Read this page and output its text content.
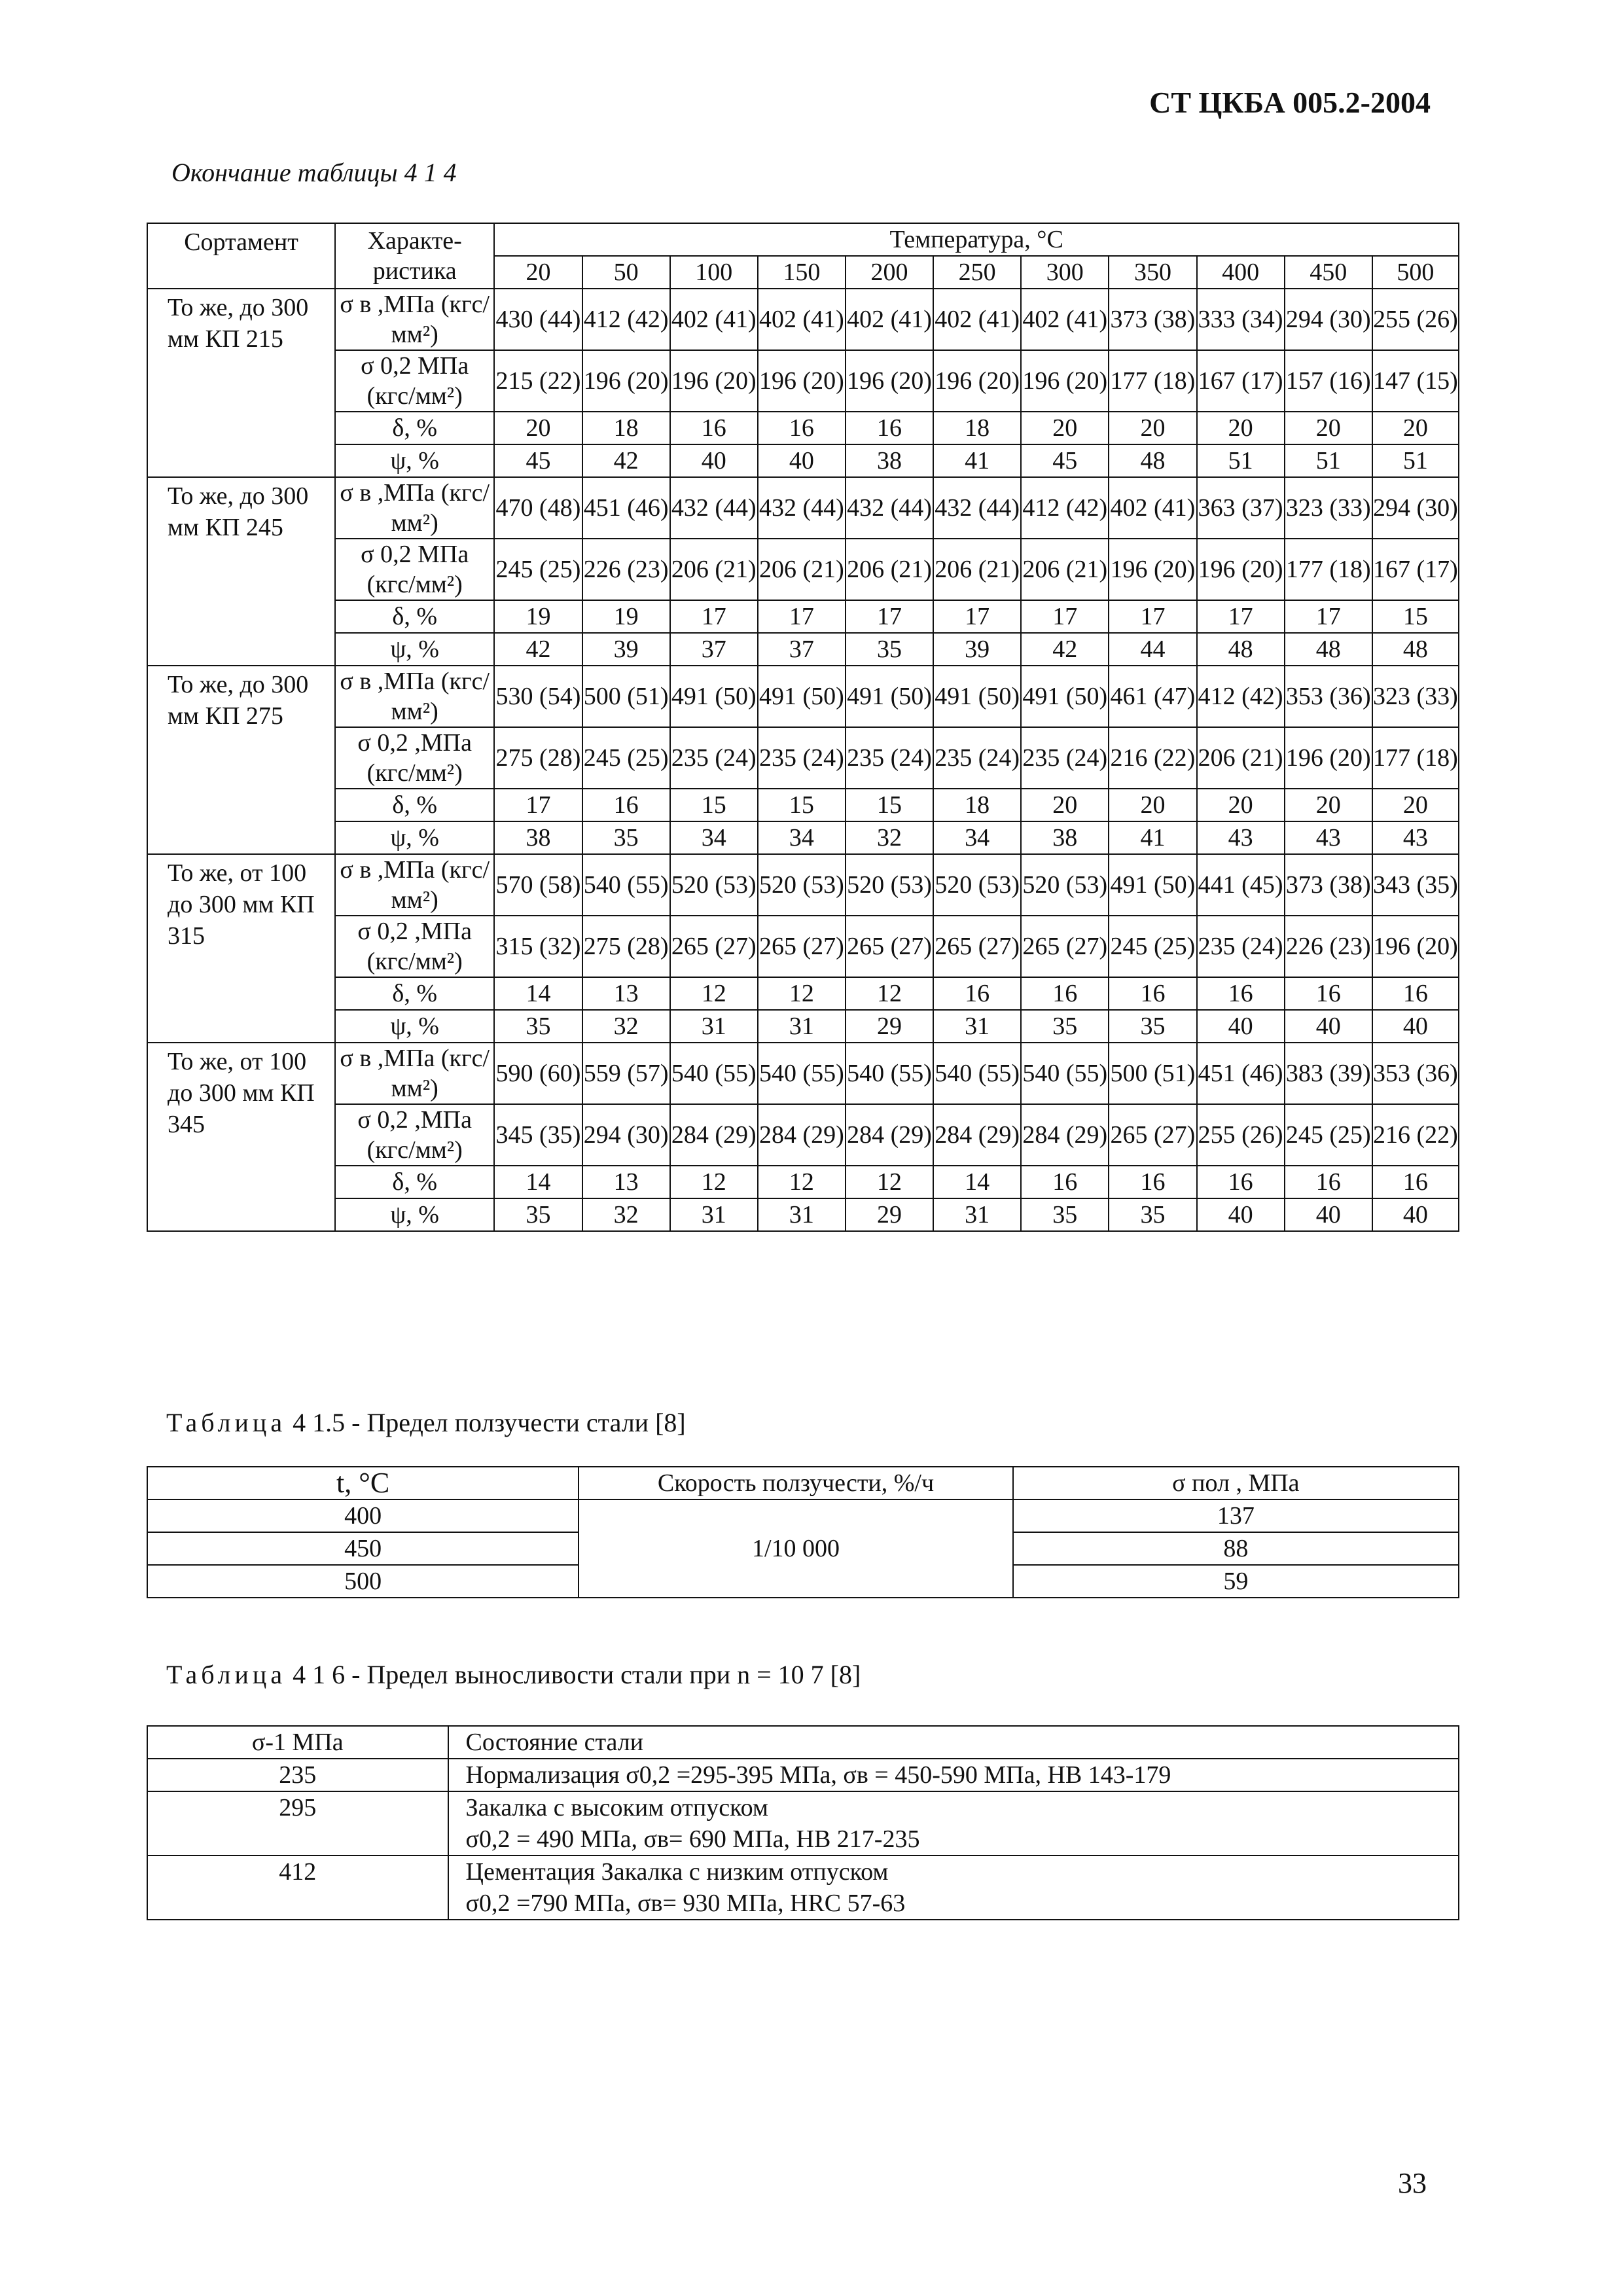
СТ ЦКБА 005.2-2004
Окончание таблицы 4 1 4
Сортамент	Характе-ристика	Температура, °С										
		20	50	100	150	200	250	300	350	400	450	500
То же, до 300 мм КП 215	σ в ,МПа (кгс/мм²)	430 (44)	412 (42)	402 (41)	402 (41)	402 (41)	402 (41)	402 (41)	373 (38)	333 (34)	294 (30)	255 (26)
	σ 0,2 МПа (кгс/мм²)	215 (22)	196 (20)	196 (20)	196 (20)	196 (20)	196 (20)	196 (20)	177 (18)	167 (17)	157 (16)	147 (15)
	δ, %	20	18	16	16	16	18	20	20	20	20	20
	ψ, %	45	42	40	40	38	41	45	48	51	51	51
То же, до 300 мм КП 245	σ в ,МПа (кгс/мм²)	470 (48)	451 (46)	432 (44)	432 (44)	432 (44)	432 (44)	412 (42)	402 (41)	363 (37)	323 (33)	294 (30)
	σ 0,2 МПа (кгс/мм²)	245 (25)	226 (23)	206 (21)	206 (21)	206 (21)	206 (21)	206 (21)	196 (20)	196 (20)	177 (18)	167 (17)
	δ, %	19	19	17	17	17	17	17	17	17	17	15
	ψ, %	42	39	37	37	35	39	42	44	48	48	48
То же, до 300 мм КП 275	σ в ,МПа (кгс/мм²)	530 (54)	500 (51)	491 (50)	491 (50)	491 (50)	491 (50)	491 (50)	461 (47)	412 (42)	353 (36)	323 (33)
	σ 0,2 ,МПа (кгс/мм²)	275 (28)	245 (25)	235 (24)	235 (24)	235 (24)	235 (24)	235 (24)	216 (22)	206 (21)	196 (20)	177 (18)
	δ, %	17	16	15	15	15	18	20	20	20	20	20
	ψ, %	38	35	34	34	32	34	38	41	43	43	43
То же, от 100 до 300 мм КП 315	σ в ,МПа (кгс/мм²)	570 (58)	540 (55)	520 (53)	520 (53)	520 (53)	520 (53)	520 (53)	491 (50)	441 (45)	373 (38)	343 (35)
	σ 0,2 ,МПа (кгс/мм²)	315 (32)	275 (28)	265 (27)	265 (27)	265 (27)	265 (27)	265 (27)	245 (25)	235 (24)	226 (23)	196 (20)
	δ, %	14	13	12	12	12	16	16	16	16	16	16
	ψ, %	35	32	31	31	29	31	35	35	40	40	40
То же, от 100 до 300 мм КП 345	σ в ,МПа (кгс/мм²)	590 (60)	559 (57)	540 (55)	540 (55)	540 (55)	540 (55)	540 (55)	500 (51)	451 (46)	383 (39)	353 (36)
	σ 0,2 ,МПа (кгс/мм²)	345 (35)	294 (30)	284 (29)	284 (29)	284 (29)	284 (29)	284 (29)	265 (27)	255 (26)	245 (25)	216 (22)
	δ, %	14	13	12	12	12	14	16	16	16	16	16
	ψ, %	35	32	31	31	29	31	35	35	40	40	40
Таблица 4 1.5 - Предел ползучести стали [8]
t, °С	Скорость ползучести, %/ч	σ пол , МПа
400	1/10 000	137
450		88
500		59
Таблица 4 1 6 - Предел выносливости стали при n = 10 7 [8]
σ-1 МПа	Состояние стали
235	Нормализация σ0,2 =295-395 МПа, σв = 450-590 МПа, НВ 143-179
295	Закалка с высоким отпуском
σ0,2 = 490 МПа, σв= 690 МПа, НВ 217-235

412	Цементация Закалка с низким отпуском
σ0,2 =790 МПа, σв= 930 МПа, HRC 57-63
33
